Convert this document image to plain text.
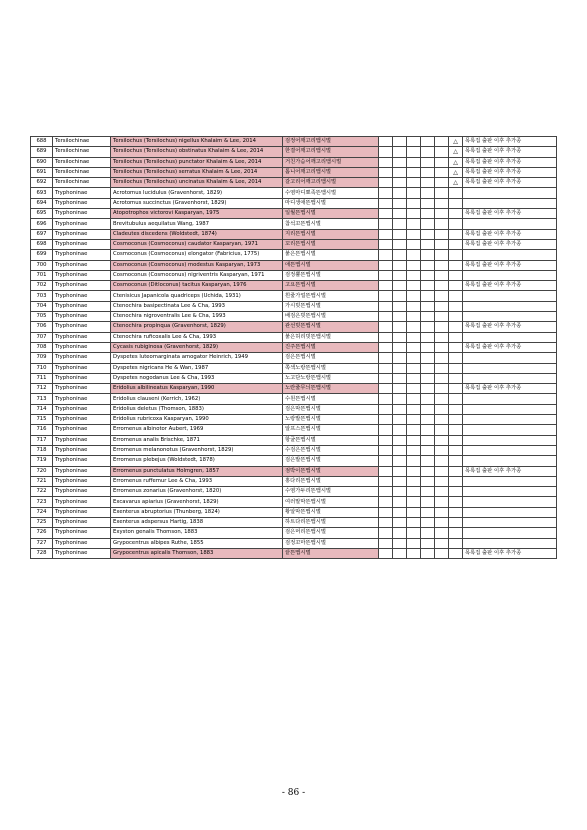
688	Tersilochinae	Tersilochus (Tersilochus) nigellus Khalaim & Lee, 2014	검정어깨고리맵시벌						△	목록집 출판 이후 추가종
689	Tersilochinae	Tersilochus (Tersilochus) obstinatus Khalaim & Lee, 2014	한결어깨고리맵시벌						△	목록집 출판 이후 추가종
690	Tersilochinae	Tersilochus (Tersilochus) punctator Khalaim & Lee, 2014	거친가슴어깨고리맵시벌						△	목록집 출판 이후 추가종
691	Tersilochinae	Tersilochus (Tersilochus) serratus Khalaim & Lee, 2014	톱니어깨고리맵시벌						△	목록집 출판 이후 추가종
692	Tersilochinae	Tersilochus (Tersilochus) uncinatus Khalaim & Lee, 2014	갈고리어깨고리맵시벌						△	목록집 출판 이후 추가종
693	Tryphoninae	Acrotomus lucidulus (Gravenhorst, 1829)	수염마디뾰족뜬맵시벌							
694	Tryphoninae	Acrotomus succinctus (Gravenhorst, 1829)	마디생애뜬맵시벌							
695	Tryphoninae	Atopotrophos victorovi Kasparyan, 1975	일월뜬맵시벌							목록집 출판 이후 추가종
696	Tryphoninae	Brevitubulus aequilatus Wang, 1987	참석꼬뜬맵시벌							
697	Tryphoninae	Cladeutes discedens (Woldstedt, 1874)	지리뜬맵시벌							목록집 출판 이후 추가종
698	Tryphoninae	Cosmoconus (Cosmoconus) caudator Kasparyan, 1971	꼬리뜬맵시벌							목록집 출판 이후 추가종
699	Tryphoninae	Cosmoconus (Cosmoconus) elongator (Fabricius, 1775)	붉은뜬맵시벌							
700	Tryphoninae	Cosmoconus (Cosmoconus) modestus Kasparyan, 1973	애뜬맵시벌							목록집 출판 이후 추가종
701	Tryphoninae	Cosmoconus (Cosmoconus) nigriventris Kasparyan, 1971	검정뿔뜬맵시벌							
702	Tryphoninae	Cosmoconus (Ditloconus) tacitus Kasparyan, 1976	고요뜬맵시벌							목록집 출판 이후 추가종
703	Tryphoninae	Ctenisicus Japanicola quadriceps (Uchida, 1931)	흰줄가얼뜬맵시벌							
704	Tryphoninae	Ctenochira basipectinata Lee & Cha, 1993	가시빗뜬맵시벌							
705	Tryphoninae	Ctenochira nigroventralis Lee & Cha, 1993	배검은빗뜬맵시벌							
706	Tryphoninae	Ctenochira propinqua (Gravenhorst, 1829)	관선빗뜬맵시벌							목록집 출판 이후 추가종
707	Tryphoninae	Ctenochira ruficoxalis Lee & Cha, 1993	붉은허리빗뜬맵시벌							
708	Tryphoninae	Cycasis rubiginosa (Gravenhorst, 1829)	진주뜬맵시벌							목록집 출판 이후 추가종
709	Tryphoninae	Dyspetes luteomarginata amogator Heinrich, 1949	검은뜬맵시벌							
710	Tryphoninae	Dyspetes nigricans He & Wan, 1987	쪽색노랑뜬맵시벌							
711	Tryphoninae	Dyspetes nogodanus Lee & Cha, 1993	노고단노랑뜬맵시벌							
712	Tryphoninae	Eridolius albilineatus Kasparyan, 1990	노란줄무늬뜬맵시벌							목록집 출판 이후 추가종
713	Tryphoninae	Eridolius clauseni (Kerrich, 1962)	수원뜬맵시벌							
714	Tryphoninae	Eridolius deletus (Thomson, 1883)	검은막뜬맵시벌							
715	Tryphoninae	Eridolius rubricoxa Kasparyan, 1990	노랑발뜬맵시벌							
716	Tryphoninae	Erromenus albinotor Aubert, 1969	알프스뜬맵시벌							
717	Tryphoninae	Erromenus analis Brischke, 1871	항굴뜬맵시벌							
718	Tryphoninae	Erromenus melanonotus (Gravenhorst, 1829)	수검은뜬맵시벌							
719	Tryphoninae	Erromenus plebejus (Woldstedt, 1878)	검은발뜬맵시벌							
720	Tryphoninae	Erromenus punctulatus Holmgren, 1857	점박이뜬맵시벌							목록집 출판 이후 추가종
721	Tryphoninae	Erromenus ruffemur Lee & Cha, 1993	홍다리뜬맵시벌							
722	Tryphoninae	Erromenus zonarius (Gravenhorst, 1820)	수염가두리뜬맵시벌							
723	Tryphoninae	Excavarus apiarius (Gravenhorst, 1829)	여러말막뜬맵시벌							
724	Tryphoninae	Exenterus abruptorius (Thunberg, 1824)	황알막뜬맵시벌							
725	Tryphoninae	Exenterus adspersus Hartig, 1838	하트다리뜬맵시벌							
726	Tryphoninae	Exyston genalis Thomson, 1883	검은머리뜬맵시벌							
727	Tryphoninae	Grypocentrus albipes Ruthe, 1855	검정꼬마뜬맵시벌							
728	Tryphoninae	Grypocentrus apicalis Thomson, 1883	끝뜬맵시벌							목록집 출판 이후 추가종
- 86 -
